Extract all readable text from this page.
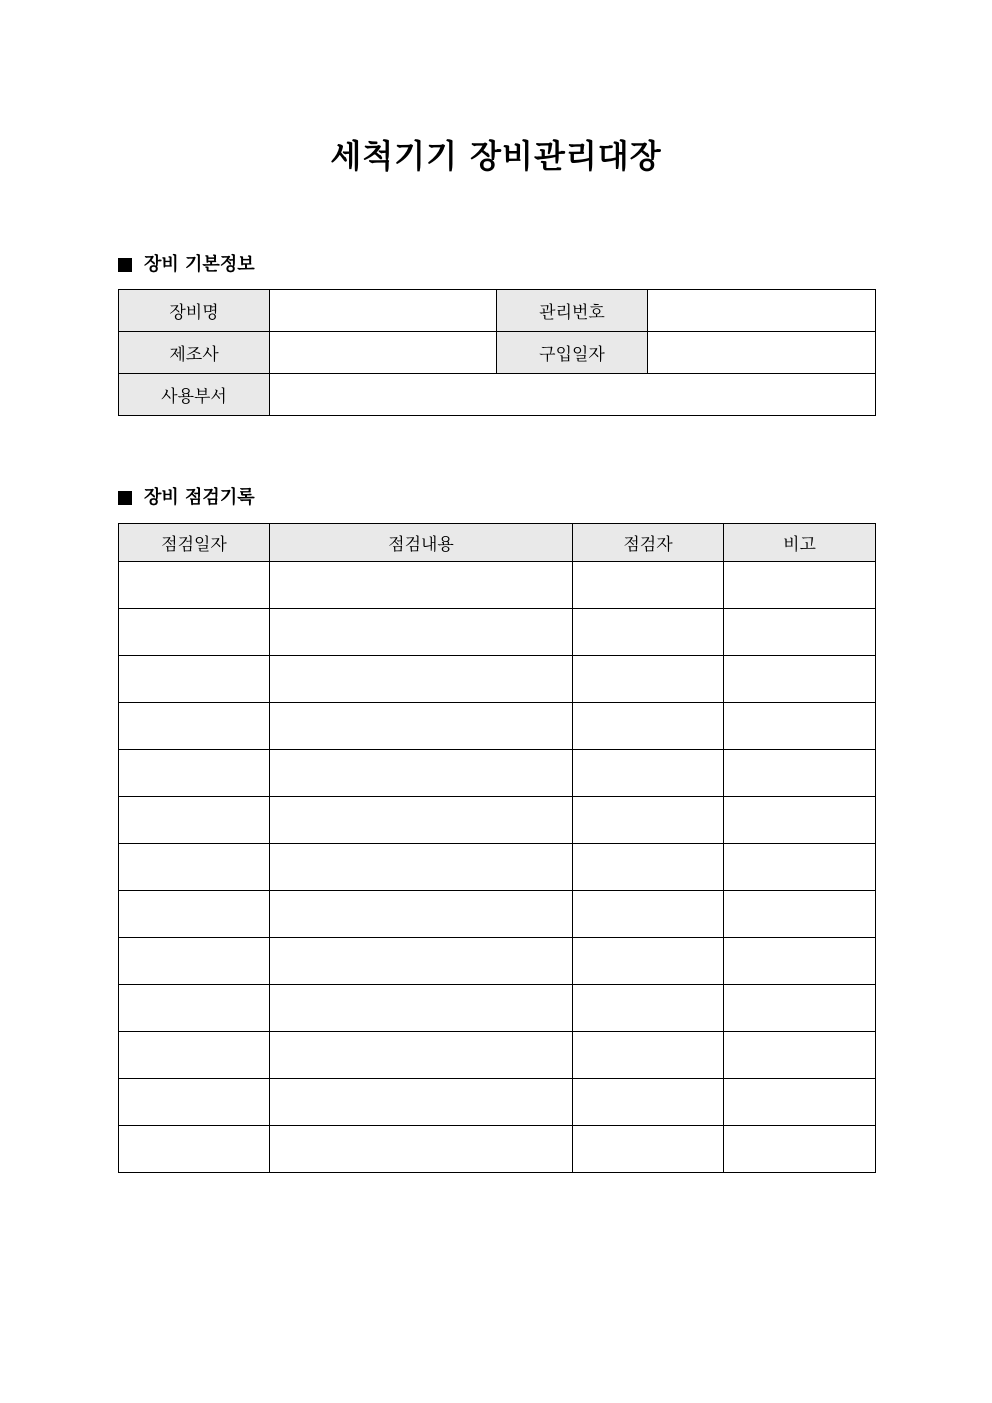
세척기기 장비관리대장
장비 기본정보
장비명		관리번호	
제조사		구입일자	
사용부서			
장비 점검기록
점검일자	점검내용	점검자	비고
